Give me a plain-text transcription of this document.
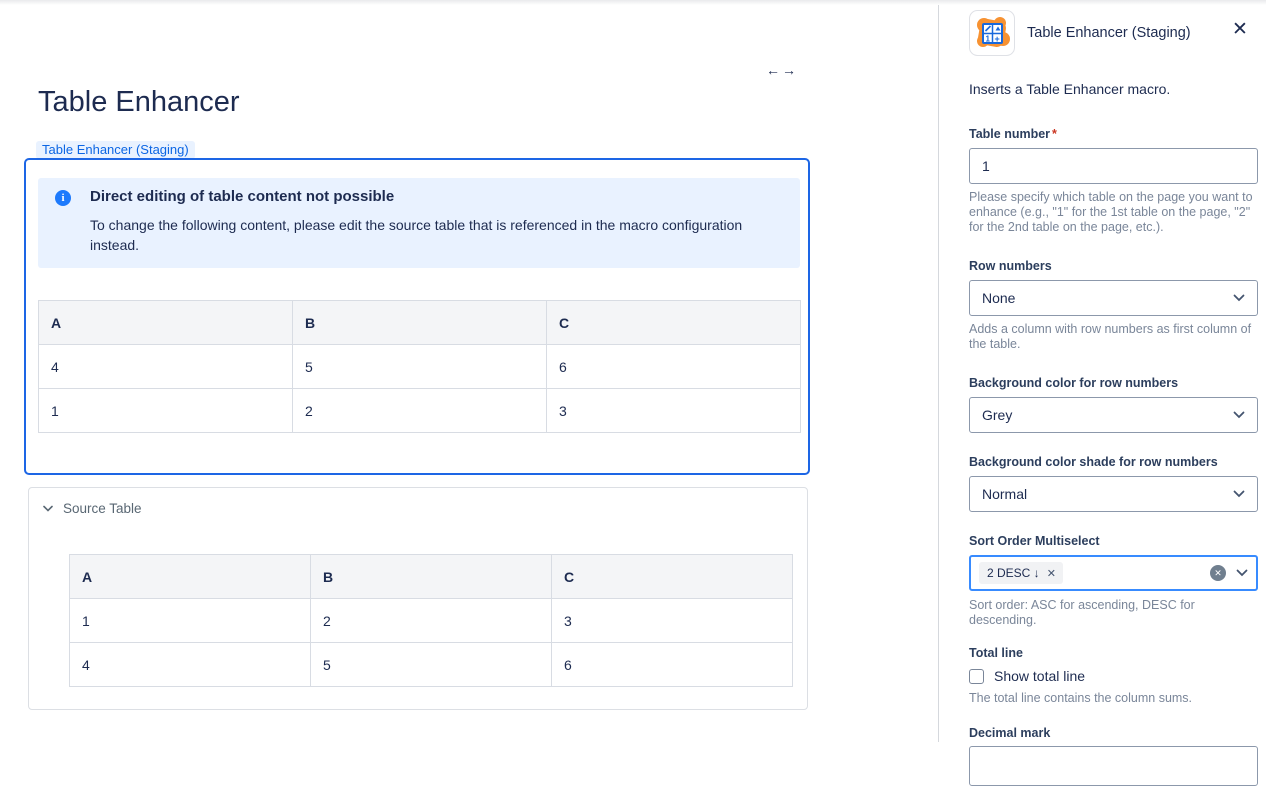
←→
Table Enhancer
Table Enhancer (Staging)
i	Direct editing of table content not possible
To change the following content, please edit the source table that is referenced in the macro configuration instead.
A	B	C
4	5	6
1	2	3
Source Table
A	B	C
1	2	3
4	5	6
1 + Table Enhancer (Staging) ✕
Inserts a Table Enhancer macro.
Table number *
1
Please specify which table on the page you want to enhance (e.g., "1" for the 1st table on the page, "2" for the 2nd table on the page, etc.).
Row numbers
None
Adds a column with row numbers as first column of the table.
Background color for row numbers
Grey
Background color shade for row numbers
Normal
Sort Order Multiselect
2 DESC ↓ ✕	✕
Sort order: ASC for ascending, DESC for descending.
Total line
Show total line
The total line contains the column sums.
Decimal mark
